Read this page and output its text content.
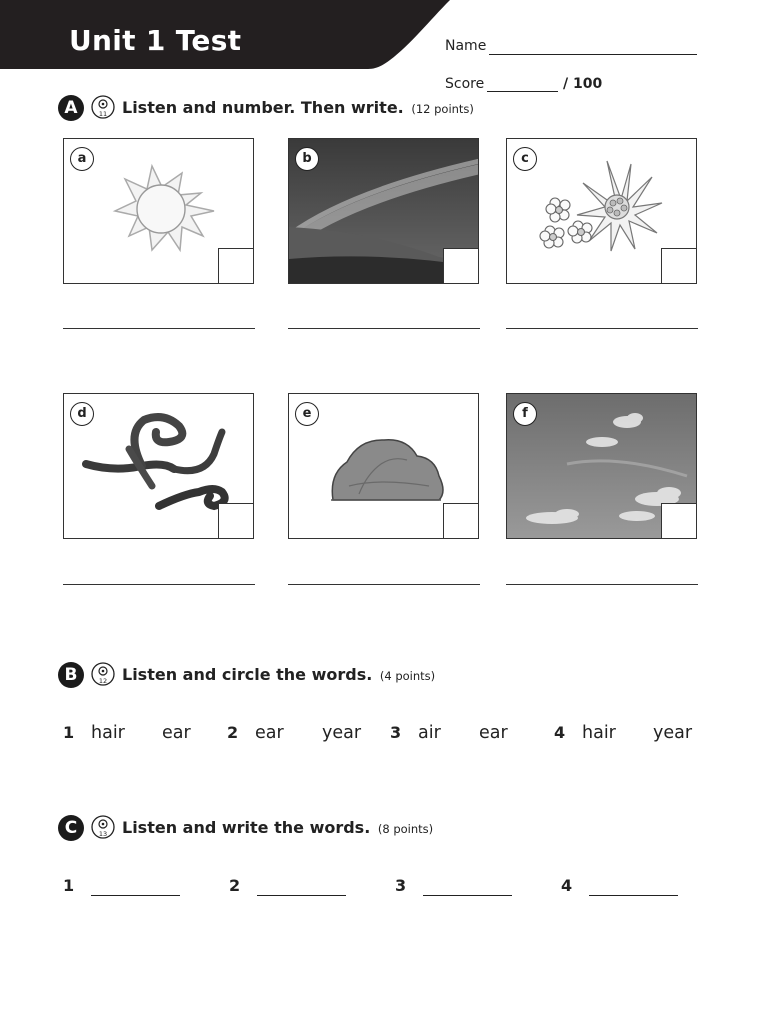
Unit 1 Test	Name
Score	/ 100
A	11 Listen and number. Then write. (12 points)
a	b	c
d	e	f
B	12 Listen and circle the words. (4 points)
1 hair ear 2 ear year 3 air ear	4 hair year
C	13 Listen and write the words. (8 points)
1	2	3	4
